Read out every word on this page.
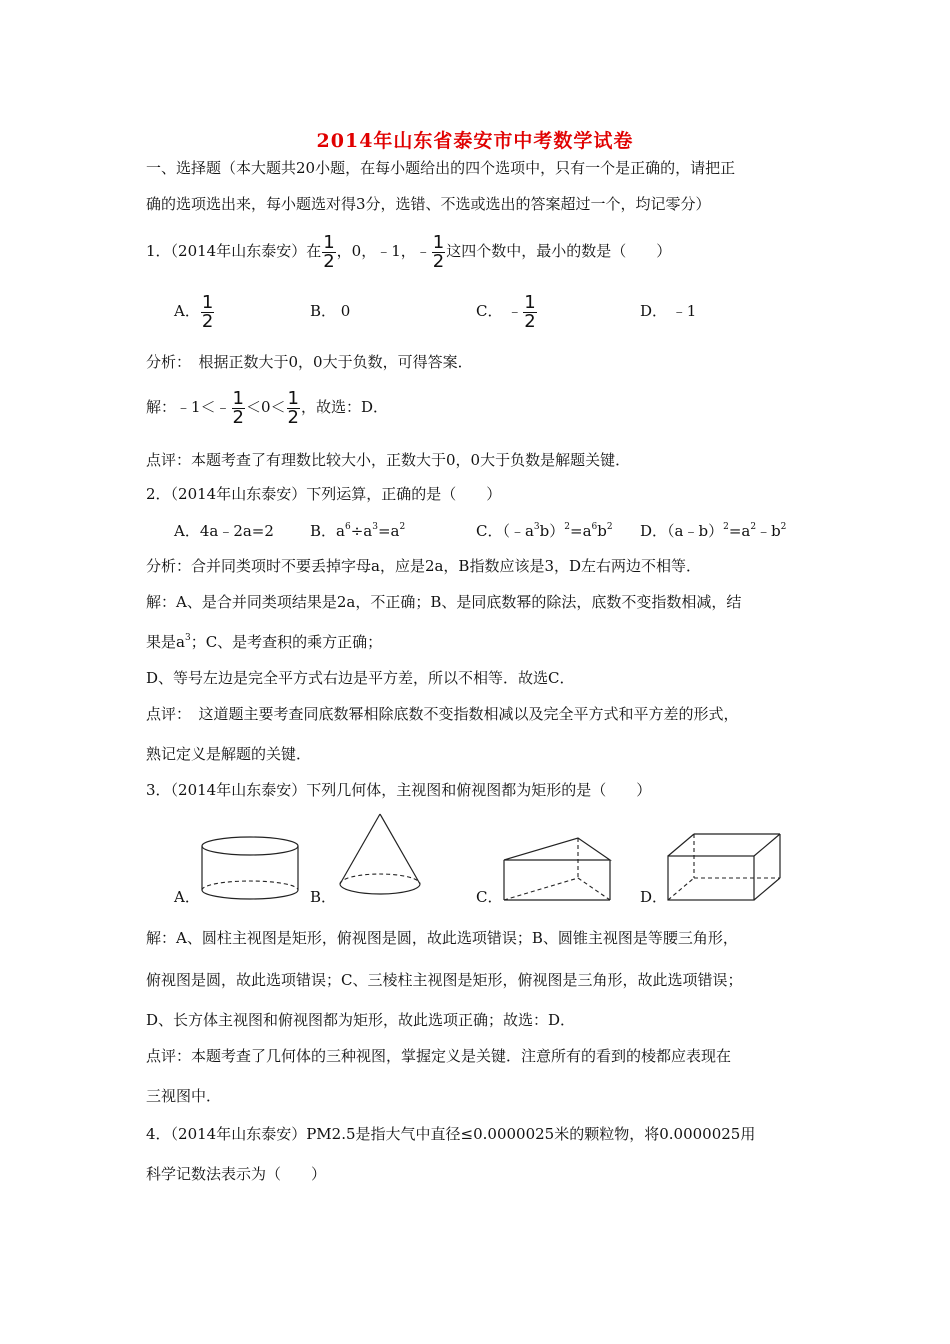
2014年山东省泰安市中考数学试卷
一、选择题（本大题共20小题，在每小题给出的四个选项中，只有一个是正确的，请把正
确的选项选出来，每小题选对得3分，选错、不选或选出的答案超过一个，均记零分）
1．（2014年山东泰安）在 $\frac{1}{2}$ ，0，﹣1，﹣ $\frac{1}{2}$ 这四个数中，最小的数是（　　）
A． $\frac{1}{2}$	B． 0	C． ﹣ $\frac{1}{2}$	D． ﹣1
分析：　根据正数大于0，0大于负数，可得答案．
解：﹣1＜﹣ $\frac{1}{2} <0< \frac{1}{2}$ ，故选：D．
点评：本题考查了有理数比较大小，正数大于0，0大于负数是解题关键．
2．（2014年山东泰安）下列运算，正确的是（　　）
A．4a﹣2a=2 B．$a^6\div a^3=a^2$	C．$(﹣a^3b)^2=a^6b^2$ D．$(a﹣b)^2=a^2﹣b^2$
分析：合并同类项时不要丢掉字母a，应是2a，B指数应该是3，D左右两边不相等．
解：A、是合并同类项结果是2a，不正确；B、是同底数幂的除法，底数不变指数相减，结
果是$a^3$；C、是考查积的乘方正确；
D、等号左边是完全平方式右边是平方差，所以不相等．故选C．
点评：　这道题主要考查同底数幂相除底数不变指数相减以及完全平方式和平方差的形式，
熟记定义是解题的关键．
3．（2014年山东泰安）下列几何体，主视图和俯视图都为矩形的是（　　）
A．	B．	C．	D．
解：A、圆柱主视图是矩形，俯视图是圆，故此选项错误；B、圆锥主视图是等腰三角形，
俯视图是圆，故此选项错误；C、三棱柱主视图是矩形，俯视图是三角形，故此选项错误；
D、长方体主视图和俯视图都为矩形，故此选项正确；故选：D．
点评：本题考查了几何体的三种视图，掌握定义是关键．注意所有的看到的棱都应表现在
三视图中．
4．（2014年山东泰安）PM2.5是指大气中直径≤0.0000025米的颗粒物，将0.0000025用
科学记数法表示为（　　）
